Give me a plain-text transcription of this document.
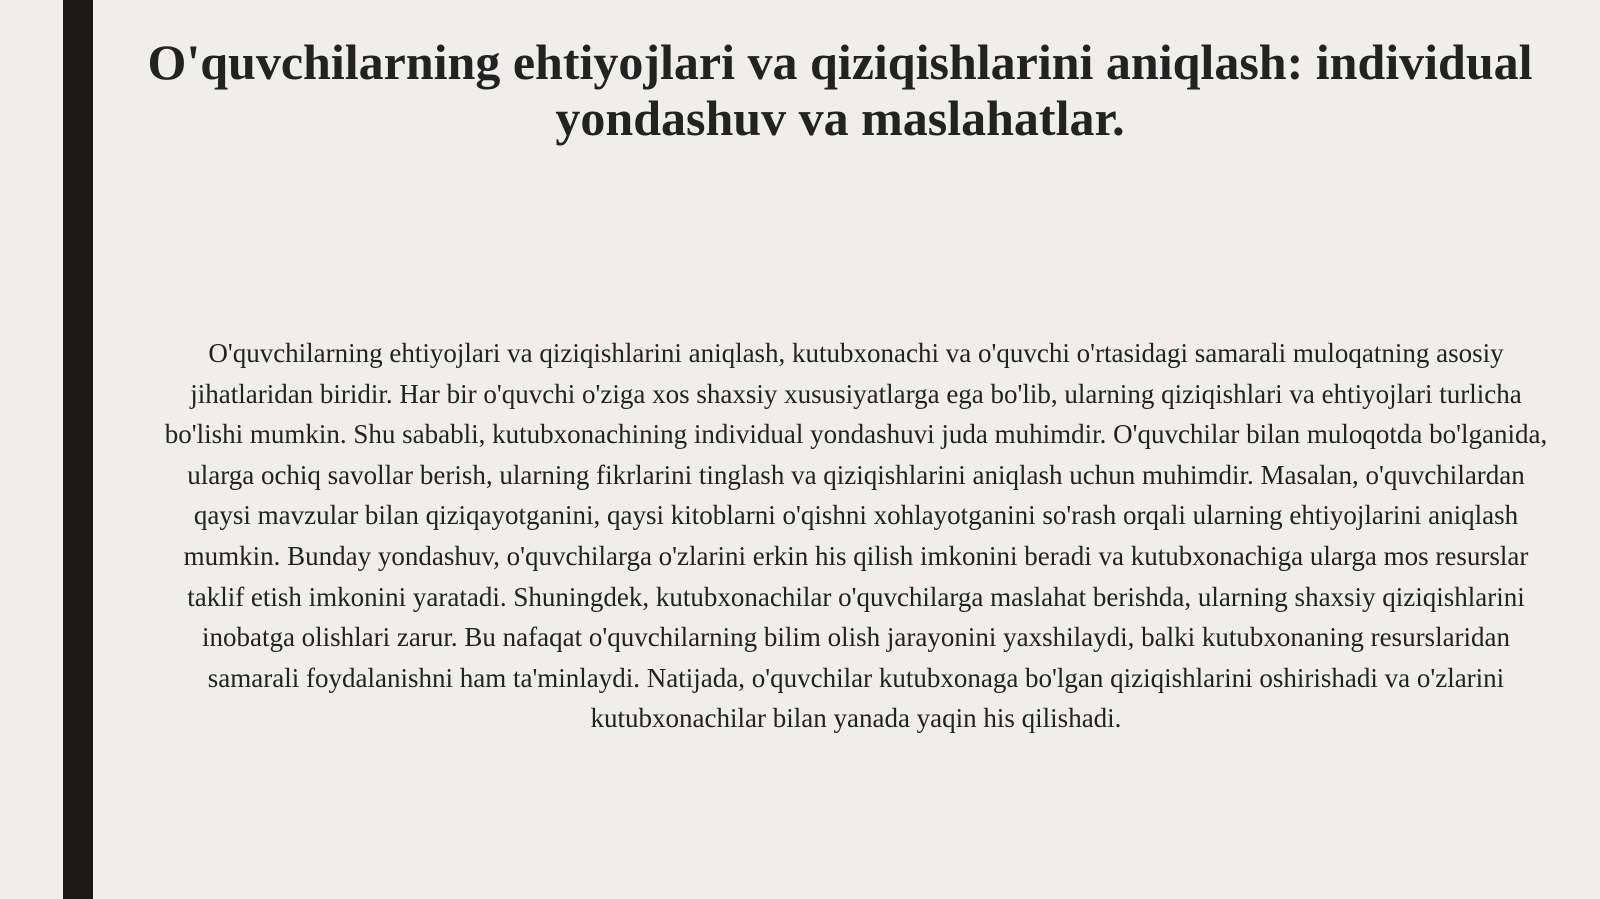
O'quvchilarning ehtiyojlari va qiziqishlarini aniqlash: individual yondashuv va maslahatlar.

O'quvchilarning ehtiyojlari va qiziqishlarini aniqlash, kutubxonachi va o'quvchi o'rtasidagi samarali muloqatning asosiy jihatlaridan biridir. Har bir o'quvchi o'ziga xos shaxsiy xususiyatlarga ega bo'lib, ularning qiziqishlari va ehtiyojlari turlicha bo'lishi mumkin. Shu sababli, kutubxonachining individual yondashuvi juda muhimdir. O'quvchilar bilan muloqotda bo'lganida, ularga ochiq savollar berish, ularning fikrlarini tinglash va qiziqishlarini aniqlash uchun muhimdir. Masalan, o'quvchilardan qaysi mavzular bilan qiziqayotganini, qaysi kitoblarni o'qishni xohlayotganini so'rash orqali ularning ehtiyojlarini aniqlash mumkin. Bunday yondashuv, o'quvchilarga o'zlarini erkin his qilish imkonini beradi va kutubxonachiga ularga mos resurslar taklif etish imkonini yaratadi. Shuningdek, kutubxonachilar o'quvchilarga maslahat berishda, ularning shaxsiy qiziqishlarini inobatga olishlari zarur. Bu nafaqat o'quvchilarning bilim olish jarayonini yaxshilaydi, balki kutubxonaning resurslaridan samarali foydalanishni ham ta'minlaydi. Natijada, o'quvchilar kutubxonaga bo'lgan qiziqishlarini oshirishadi va o'zlarini kutubxonachilar bilan yanada yaqin his qilishadi.
